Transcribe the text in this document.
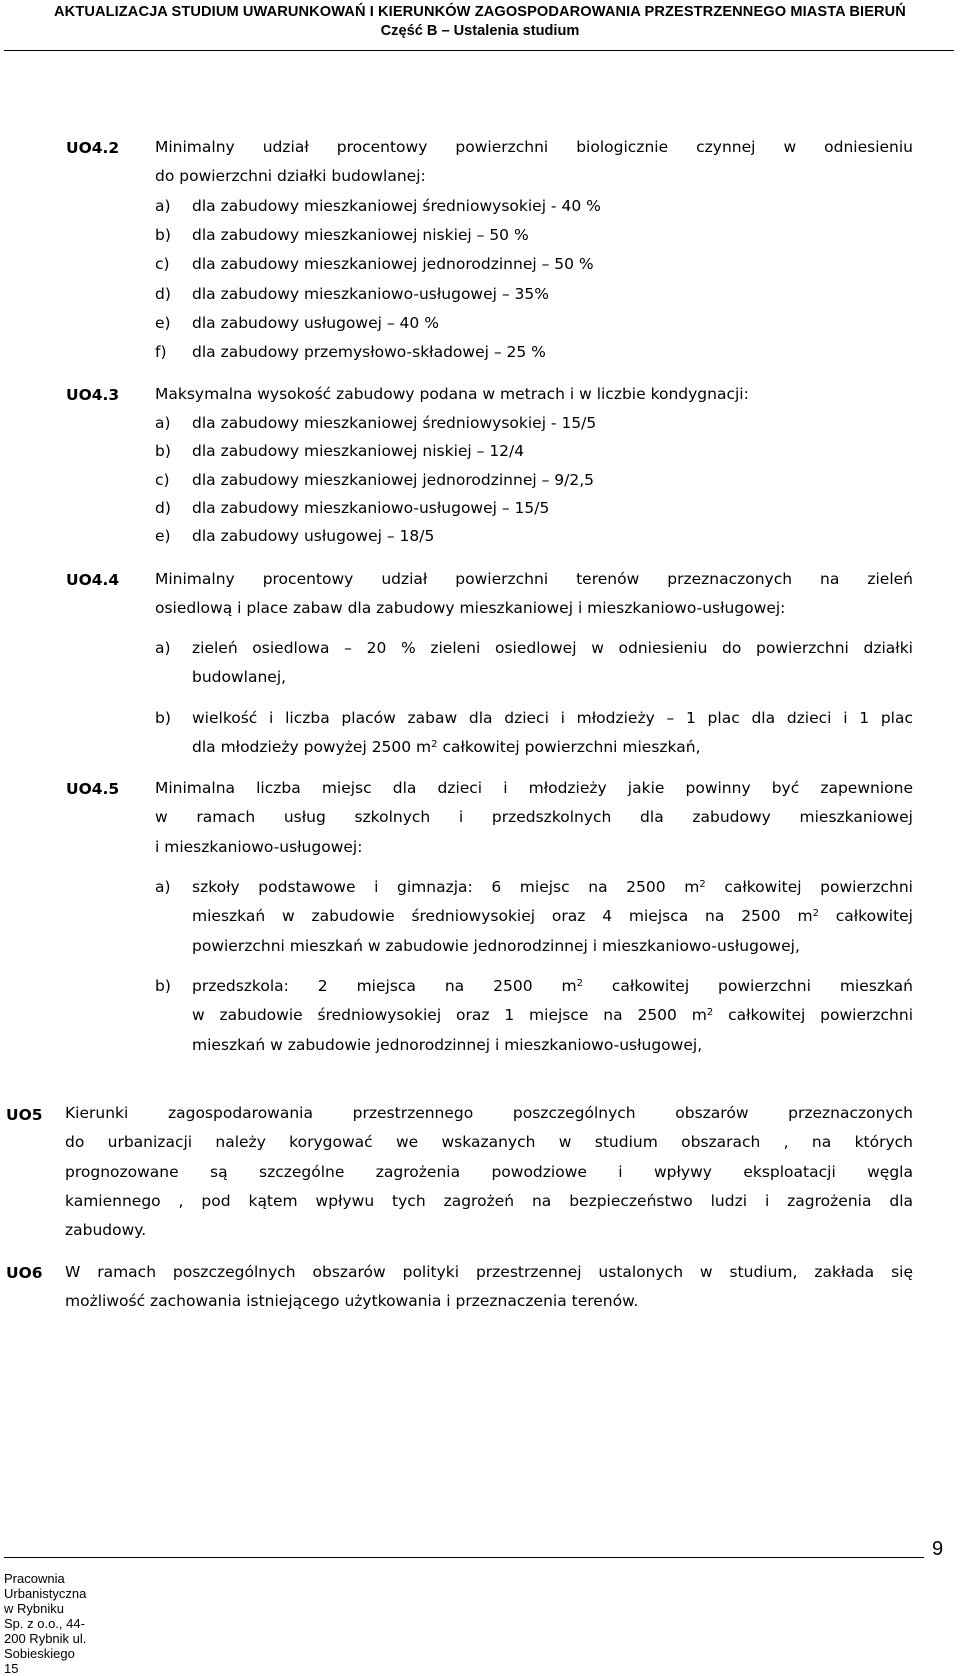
AKTUALIZACJA STUDIUM UWARUNKOWAŃ I KIERUNKÓW ZAGOSPODAROWANIA PRZESTRZENNEGO MIASTA BIERUŃ
Część B – Ustalenia studium
UO4.2 Minimalny udział procentowy powierzchni biologicznie czynnej w odniesieniu
do powierzchni działki budowlanej:
a) dla zabudowy mieszkaniowej średniowysokiej - 40 %
b) dla zabudowy mieszkaniowej niskiej – 50 %
c) dla zabudowy mieszkaniowej jednorodzinnej – 50 %
d) dla zabudowy mieszkaniowo-usługowej – 35%
e) dla zabudowy usługowej – 40 %
f) dla zabudowy przemysłowo-składowej – 25 %
UO4.3 Maksymalna wysokość zabudowy podana w metrach i w liczbie kondygnacji:
a) dla zabudowy mieszkaniowej średniowysokiej - 15/5
b) dla zabudowy mieszkaniowej niskiej – 12/4
c) dla zabudowy mieszkaniowej jednorodzinnej – 9/2,5
d) dla zabudowy mieszkaniowo-usługowej – 15/5
e) dla zabudowy usługowej – 18/5
UO4.4 Minimalny procentowy udział powierzchni terenów przeznaczonych na zieleń
osiedlową i place zabaw dla zabudowy mieszkaniowej i mieszkaniowo-usługowej:
a) zieleń osiedlowa – 20 % zieleni osiedlowej w odniesieniu do powierzchni działki
budowlanej,
b) wielkość i liczba placów zabaw dla dzieci i młodzieży – 1 plac dla dzieci i 1 plac
dla młodzieży powyżej 2500 $m^2$ całkowitej powierzchni mieszkań,
UO4.5 Minimalna liczba miejsc dla dzieci i młodzieży jakie powinny być zapewnione
w ramach usług szkolnych i przedszkolnych dla zabudowy mieszkaniowej
i mieszkaniowo-usługowej:
a) szkoły podstawowe i gimnazja: 6 miejsc na 2500 $m^2$ całkowitej powierzchni
mieszkań w zabudowie średniowysokiej oraz 4 miejsca na 2500 $m^2$ całkowitej
powierzchni mieszkań w zabudowie jednorodzinnej i mieszkaniowo-usługowej,
b) przedszkola: 2 miejsca na 2500 $m^2$ całkowitej powierzchni mieszkań
w zabudowie średniowysokiej oraz 1 miejsce na 2500 $m^2$ całkowitej powierzchni
mieszkań w zabudowie jednorodzinnej i mieszkaniowo-usługowej,
UO5 Kierunki zagospodarowania przestrzennego poszczególnych obszarów przeznaczonych
do urbanizacji należy korygować we wskazanych w studium obszarach , na których
prognozowane są szczególne zagrożenia powodziowe i wpływy eksploatacji węgla
kamiennego , pod kątem wpływu tych zagrożeń na bezpieczeństwo ludzi i zagrożenia dla
zabudowy.
UO6 W ramach poszczególnych obszarów polityki przestrzennej ustalonych w studium, zakłada się
możliwość zachowania istniejącego użytkowania i przeznaczenia terenów.
Pracownia Urbanistyczna w Rybniku Sp. z o.o., 44-200 Rybnik ul. Sobieskiego 15
9
